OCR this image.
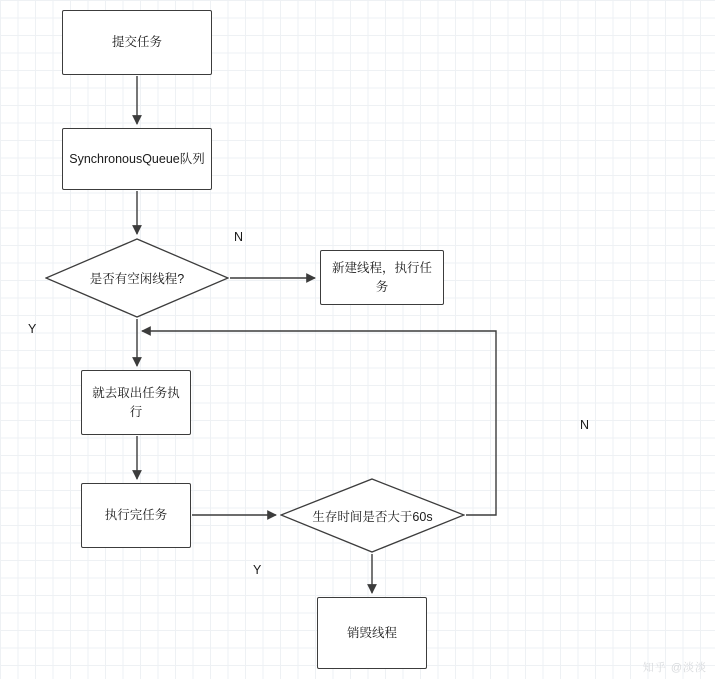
提交任务
SynchronousQueue队列
是否有空闲线程?
新建线程，执行任务
就去取出任务执行
执行完任务	生存时间是否大于60s
销毁线程
N
Y
N
Y
知乎 @淡淡
